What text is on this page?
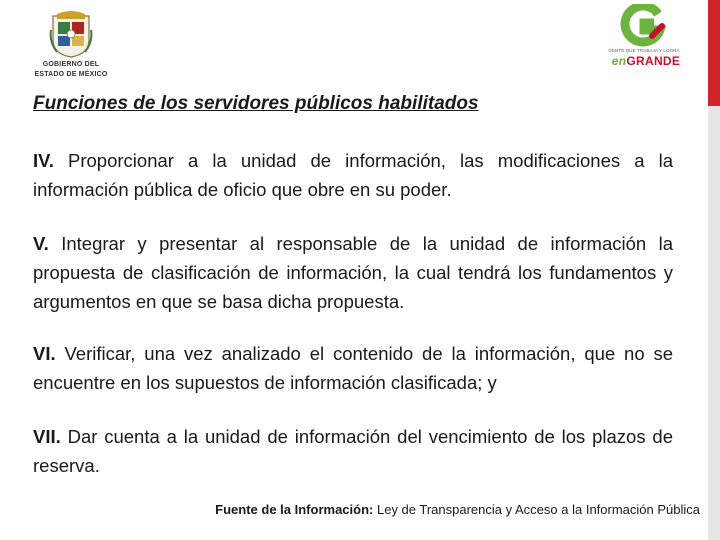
GOBIERNO DEL
ESTADO DE MÉXICO
GENTE QUE TRABAJA Y LOGRA
enGRANDE
Funciones de los servidores públicos habilitados
IV. Proporcionar a la unidad de información, las modificaciones a la información pública de oficio que obre en su poder.
V. Integrar y presentar al responsable de la unidad de información la propuesta de clasificación de información, la cual tendrá los fundamentos y argumentos en que se basa dicha propuesta.
VI. Verificar, una vez analizado el contenido de la información, que no se encuentre en los supuestos de información clasificada; y
VII. Dar cuenta a la unidad de información del vencimiento de los plazos de reserva.
Fuente de la Información: Ley de Transparencia y Acceso a la Información Pública
